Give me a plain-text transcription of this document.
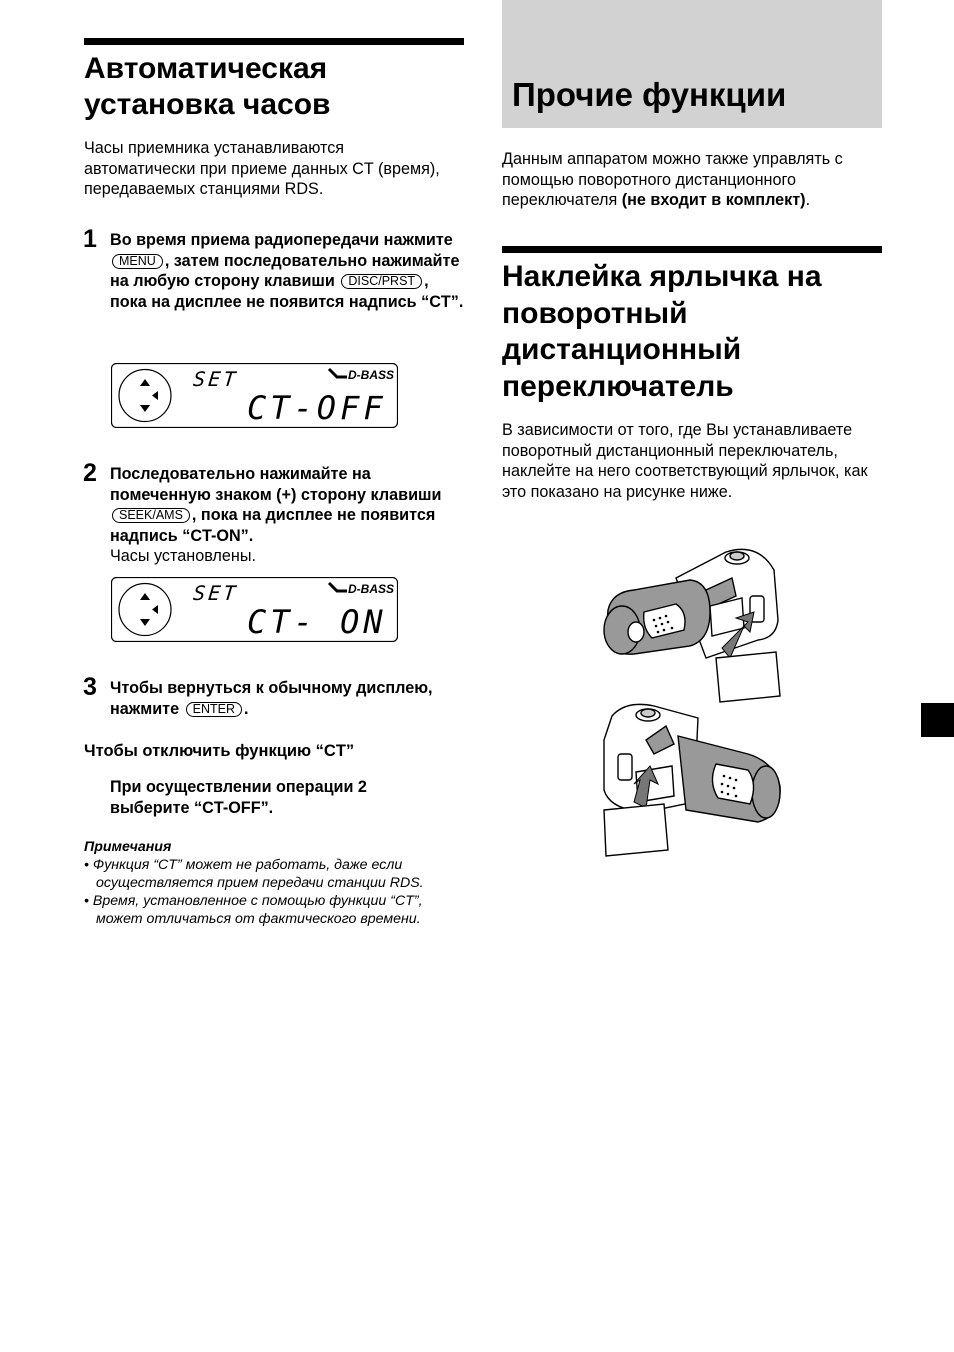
Автоматическая установка часов

Часы приемника устанавливаются автоматически при приеме данных CT (время), передаваемых станциями RDS.

1 Во время приема радиопередачи нажмите MENU , затем последовательно нажимайте на любую сторону клавиши DISC/PRST , пока на дисплее не появится надпись “CT”.
SET	D-BASS
CT-OFF
2 Последовательно нажимайте на помеченную знаком (+) сторону клавиши SEEK/AMS , пока на дисплее не появится надпись “CT-ON”.
Часы установлены.
SET	D-BASS
CT- ON
3 Чтобы вернуться к обычному дисплею, нажмите ENTER .
Чтобы отключить функцию “CT”
При осуществлении операции 2 выберите “CT-OFF”.
Примечания
• Функция “CT” может не работать, даже если осуществляется прием передачи станции RDS.
• Время, установленное с помощью функции “CT”, может отличаться от фактического времени.
Прочие функции

Данным аппаратом можно также управлять с помощью поворотного дистанционного переключателя (не входит в комплект).

Наклейка ярлычка на поворотный дистанционный переключатель

В зависимости от того, где Вы устанавливаете поворотный дистанционный переключатель, наклейте на него соответствующий ярлычок, как это показано на рисунке ниже.
